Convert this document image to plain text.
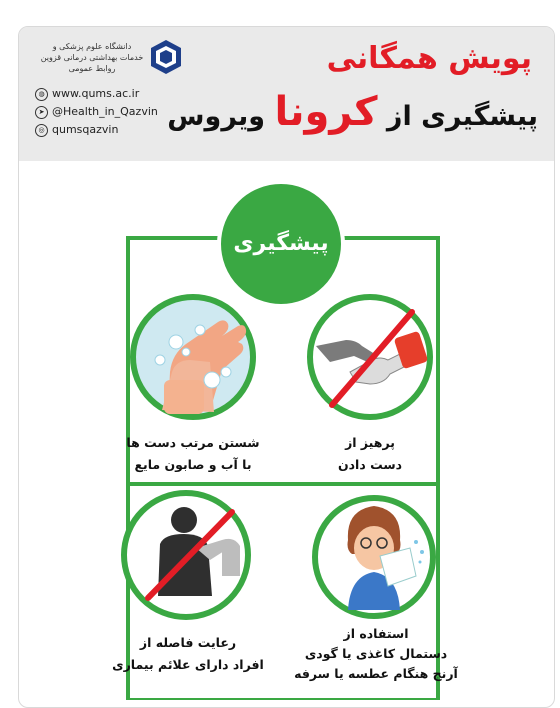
پویش همگانی
پیشگیری از کرونا ویروس
دانشگاه علوم پزشکی و
خدمات بهداشتی درمانی قزوین
روابط عمومی
◍ www.qums.ac.ir
➤ @Health_in_Qazvin
◎ qumsqazvin
پیشگیری
شستن مرتب دست ها
با آب و صابون مایع
پرهیز از
دست دادن
رعایت فاصله از
افراد دارای علائم بیماری
استفاده از
دستمال کاغذی یا گودی
آرنج هنگام عطسه یا سرفه
